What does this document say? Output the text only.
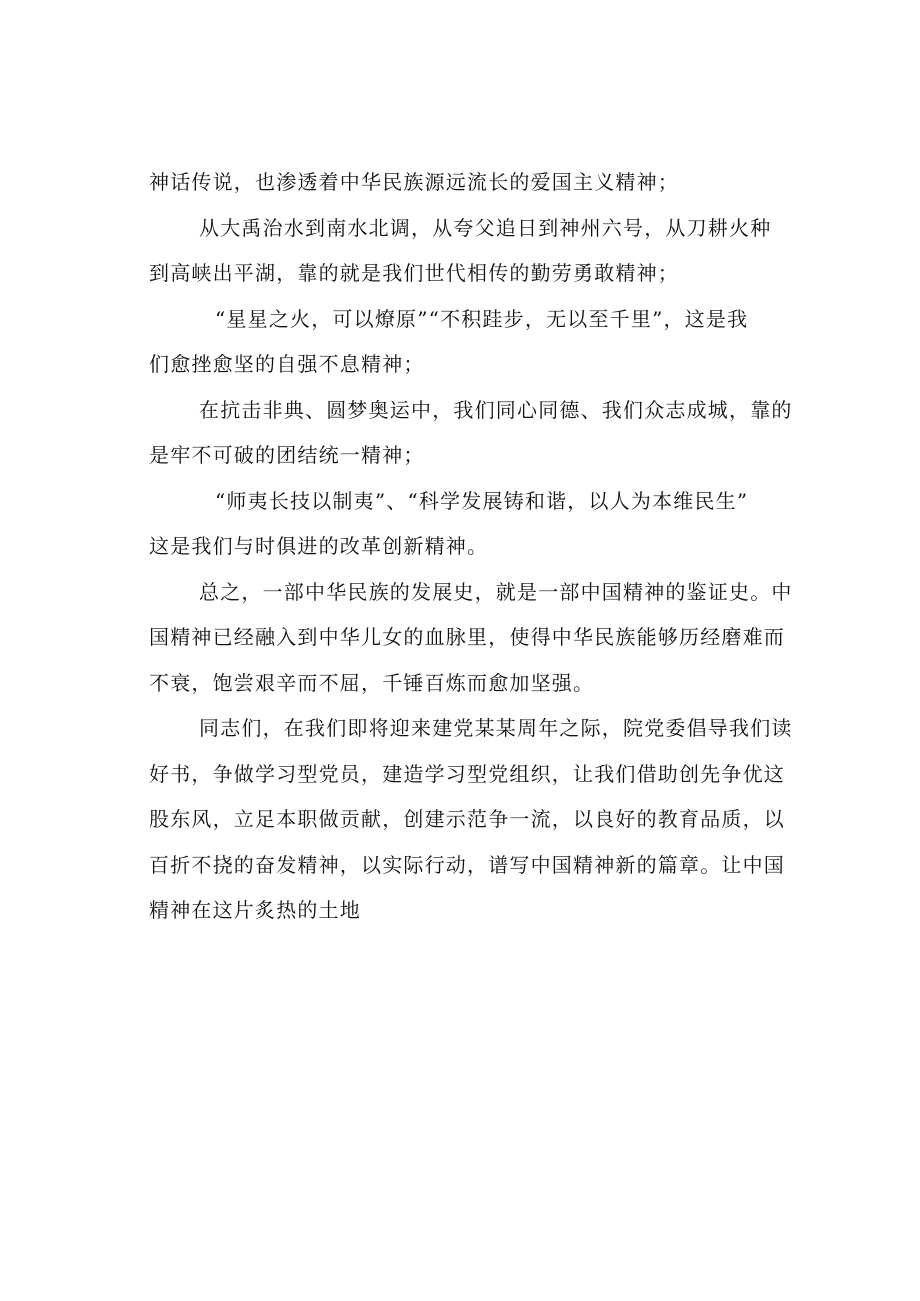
神话传说，也渗透着中华民族源远流长的爱国主义精神；
从大禹治水到南水北调，从夸父追日到神州六号，从刀耕火种
到高峡出平湖，靠的就是我们世代相传的勤劳勇敢精神；
“星星之火，可以燎原”“不积跬步，无以至千里”，这是我
们愈挫愈坚的自强不息精神；
在抗击非典、圆梦奥运中，我们同心同德、我们众志成城，靠的
是牢不可破的团结统一精神；
“师夷长技以制夷”、“科学发展铸和谐，以人为本维民生”
这是我们与时俱进的改革创新精神。
总之，一部中华民族的发展史，就是一部中国精神的鉴证史。中
国精神已经融入到中华儿女的血脉里，使得中华民族能够历经磨难而
不衰，饱尝艰辛而不屈，千锤百炼而愈加坚强。
同志们，在我们即将迎来建党某某周年之际，院党委倡导我们读
好书，争做学习型党员，建造学习型党组织，让我们借助创先争优这
股东风，立足本职做贡献，创建示范争一流，以良好的教育品质，以
百折不挠的奋发精神，以实际行动，谱写中国精神新的篇章。让中国
精神在这片炙热的土地
